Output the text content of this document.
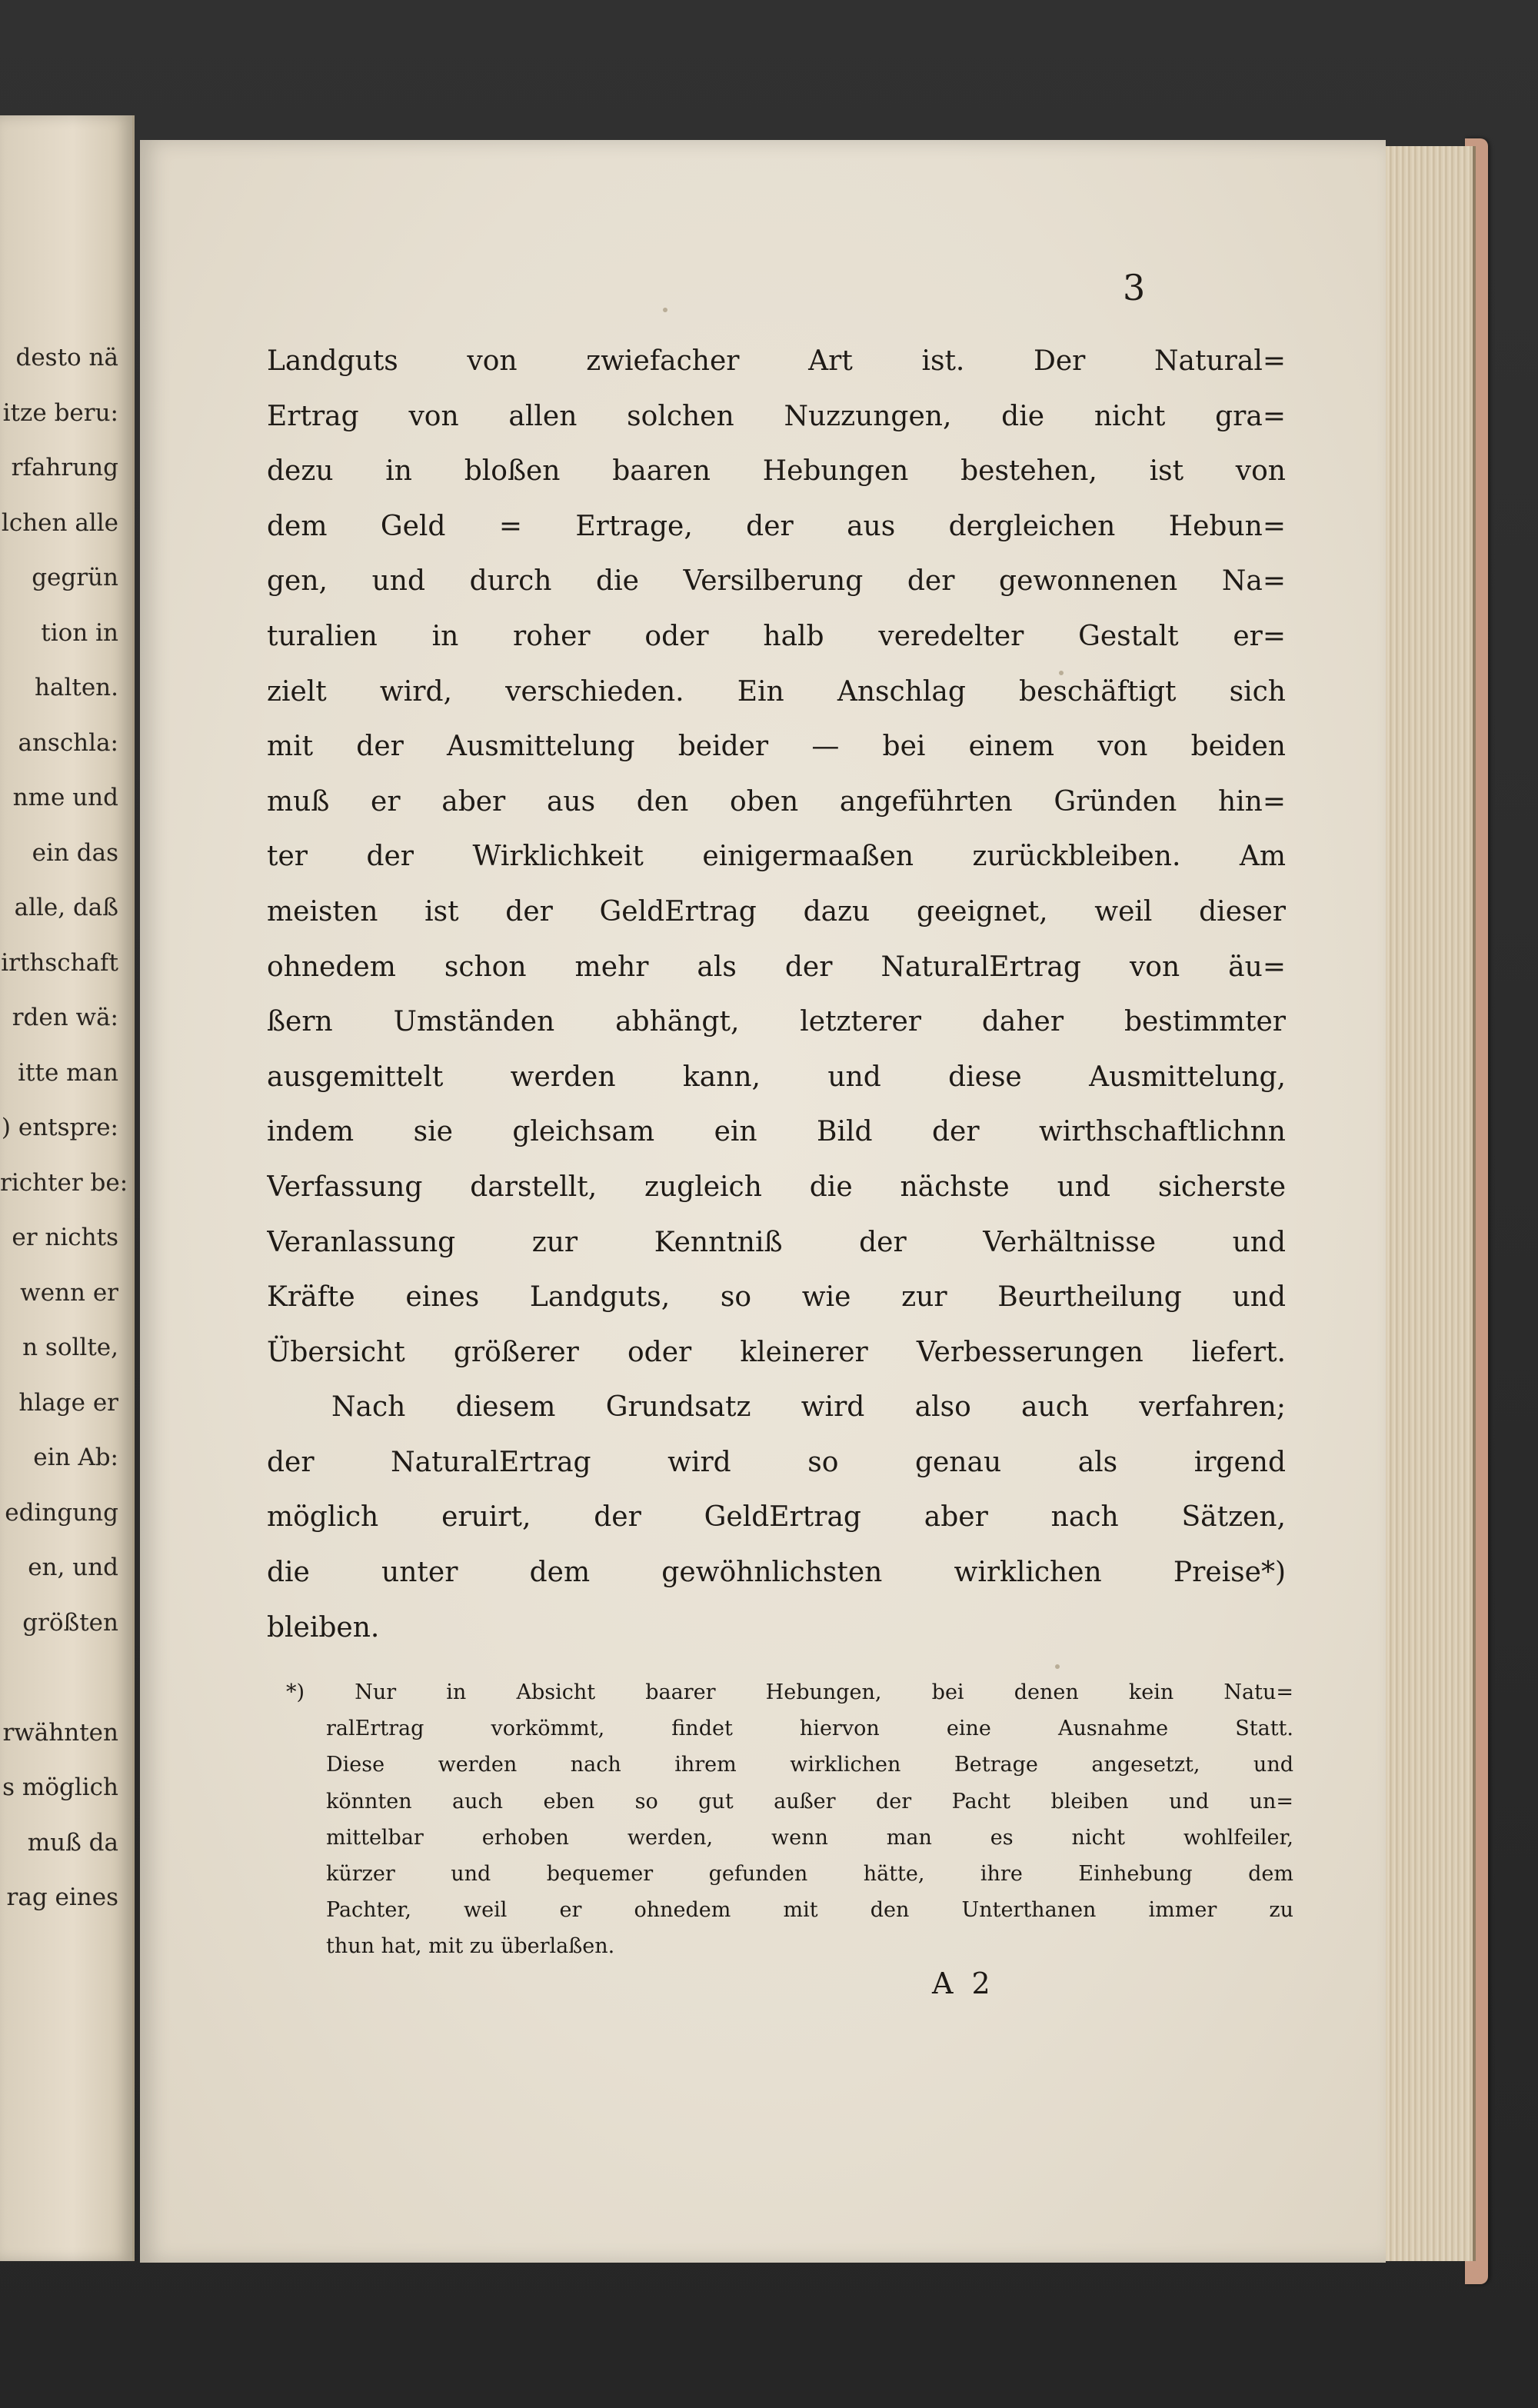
desto nä
itze beru:
rfahrung
lchen alle
gegrün
tion in
halten.
anschla:
nme und
ein das
alle, daß
irthschaft
rden wä:
itte man
) entspre:
richter be:
er nichts
wenn er
n sollte,
hlage er
ein Ab:
edingung
en, und
größten
rwähnten
s möglich
muß da
rag eines
3
Landguts von zwiefacher Art ist. Der Natural=
Ertrag von allen solchen Nuzzungen, die nicht gra=
dezu in bloßen baaren Hebungen bestehen, ist von
dem Geld = Ertrage, der aus dergleichen Hebun=
gen, und durch die Versilberung der gewonnenen Na=
turalien in roher oder halb veredelter Gestalt er=
zielt wird, verschieden. Ein Anschlag beschäftigt sich
mit der Ausmittelung beider — bei einem von beiden
muß er aber aus den oben angeführten Gründen hin=
ter der Wirklichkeit einigermaaßen zurückbleiben. Am
meisten ist der GeldErtrag dazu geeignet, weil dieser
ohnedem schon mehr als der NaturalErtrag von äu=
ßern Umständen abhängt, letzterer daher bestimmter
ausgemittelt werden kann, und diese Ausmittelung,
indem sie gleichsam ein Bild der wirthschaftlichnn
Verfassung darstellt, zugleich die nächste und sicherste
Veranlassung zur Kenntniß der Verhältnisse und
Kräfte eines Landguts, so wie zur Beurtheilung und
Übersicht größerer oder kleinerer Verbesserungen liefert.
Nach diesem Grundsatz wird also auch verfahren;
der NaturalErtrag wird so genau als irgend
möglich eruirt, der GeldErtrag aber nach Sätzen,
die unter dem gewöhnlichsten wirklichen Preise*)
bleiben.
*) Nur in Absicht baarer Hebungen, bei denen kein Natu=
ralErtrag vorkömmt, findet hiervon eine Ausnahme Statt.
Diese werden nach ihrem wirklichen Betrage angesetzt, und
könnten auch eben so gut außer der Pacht bleiben und un=
mittelbar erhoben werden, wenn man es nicht wohlfeiler,
kürzer und bequemer gefunden hätte, ihre Einhebung dem
Pachter, weil er ohnedem mit den Unterthanen immer zu
thun hat, mit zu überlaßen.
A 2
